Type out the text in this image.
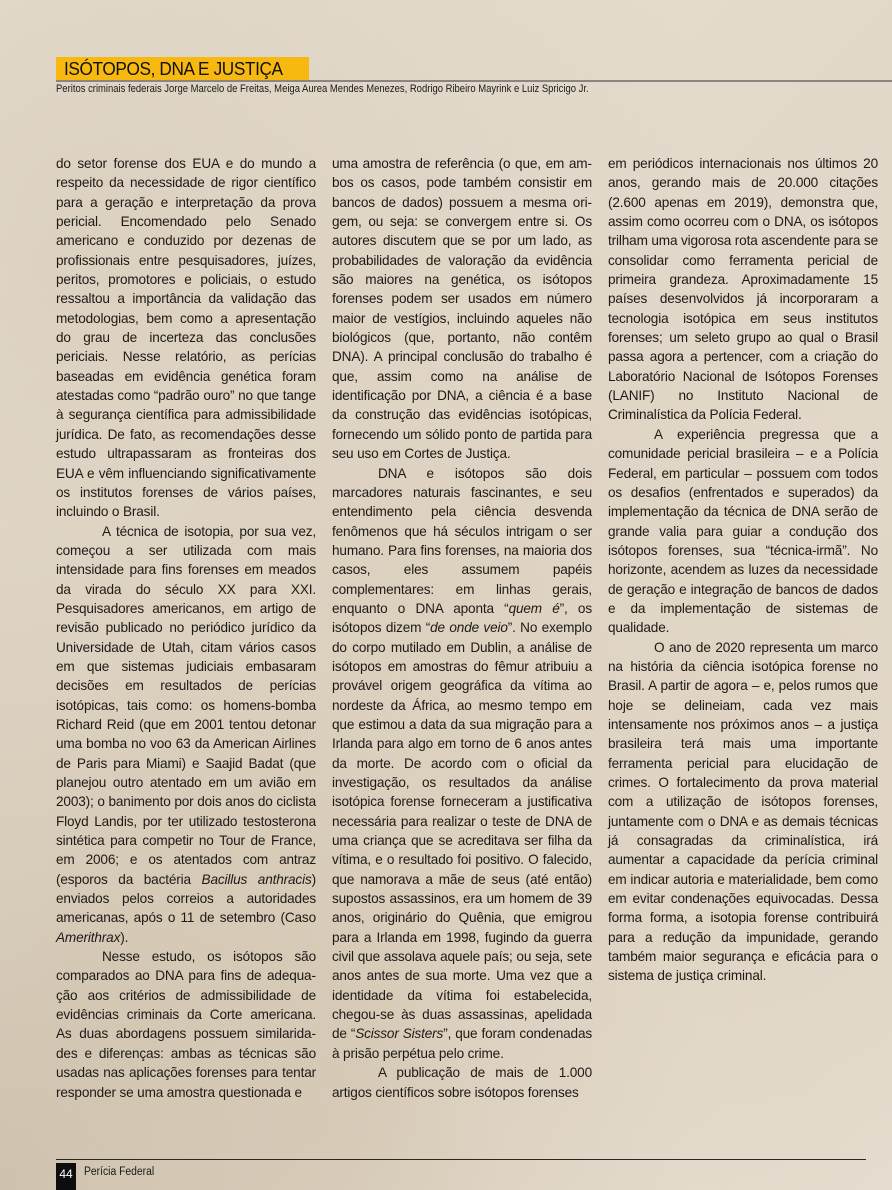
ISÓTOPOS, DNA E JUSTIÇA
Peritos criminais federais Jorge Marcelo de Freitas, Meiga Aurea Mendes Menezes, Rodrigo Ribeiro Mayrink e Luiz Spricigo Jr.

do setor forense dos EUA e do mundo a respeito da necessidade de rigor científico para a geração e interpretação da prova pericial. Encomendado pelo Senado americano e conduzido por dezenas de profissionais entre pesquisadores, juízes, peritos, promotores e policiais, o estudo ressaltou a importância da validação das metodologias, bem como a apresentação do grau de incerteza das conclusões periciais. Nesse relatório, as perícias baseadas em evidência genética foram atestadas como “padrão ouro” no que tange à segurança científica para admissibilidade jurídica. De fato, as recomendações desse estudo ultrapassaram as fronteiras dos EUA e vêm influenciando significativamente os institutos forenses de vários países, incluindo o Brasil.

A técnica de isotopia, por sua vez, começou a ser utilizada com mais intensidade para fins forenses em meados da virada do século XX para XXI. Pesquisadores americanos, em artigo de revisão publicado no periódico jurídico da Universidade de Utah, citam vários casos em que sistemas judiciais embasaram decisões em resultados de perícias isotópicas, tais como: os homens-bomba Richard Reid (que em 2001 tentou detonar uma bomba no voo 63 da American Airlines de Paris para Miami) e Saajid Badat (que planejou outro atentado em um avião em 2003); o banimento por dois anos do ciclista Floyd Landis, por ter utilizado testosterona sintética para competir no Tour de France, em 2006; e os atentados com antraz (esporos da bactéria Bacillus anthracis) enviados pelos correios a autoridades americanas, após o 11 de setembro (Caso Amerithrax).

Nesse estudo, os isótopos são comparados ao DNA para fins de adequação aos critérios de admissibilidade de evidências criminais da Corte americana. As duas abordagens possuem similaridades e diferenças: ambas as técnicas são usadas nas aplicações forenses para tentar responder se uma amostra questionada e

uma amostra de referência (o que, em ambos os casos, pode também consistir em bancos de dados) possuem a mesma origem, ou seja: se convergem entre si. Os autores discutem que se por um lado, as probabilidades de valoração da evidência são maiores na genética, os isótopos forenses podem ser usados em número maior de vestígios, incluindo aqueles não biológicos (que, portanto, não contêm DNA). A principal conclusão do trabalho é que, assim como na análise de identificação por DNA, a ciência é a base da construção das evidências isotópicas, fornecendo um sólido ponto de partida para seu uso em Cortes de Justiça.

DNA e isótopos são dois marcadores naturais fascinantes, e seu entendimento pela ciência desvenda fenômenos que há séculos intrigam o ser humano. Para fins forenses, na maioria dos casos, eles assumem papéis complementares: em linhas gerais, enquanto o DNA aponta “quem é”, os isótopos dizem “de onde veio”. No exemplo do corpo mutilado em Dublin, a análise de isótopos em amostras do fêmur atribuiu a provável origem geográfica da vítima ao nordeste da África, ao mesmo tempo em que estimou a data da sua migração para a Irlanda para algo em torno de 6 anos antes da morte. De acordo com o oficial da investigação, os resultados da análise isotópica forense forneceram a justificativa necessária para realizar o teste de DNA de uma criança que se acreditava ser filha da vítima, e o resultado foi positivo. O falecido, que namorava a mãe de seus (até então) supostos assassinos, era um homem de 39 anos, originário do Quênia, que emigrou para a Irlanda em 1998, fugindo da guerra civil que assolava aquele país; ou seja, sete anos antes de sua morte. Uma vez que a identidade da vítima foi estabelecida, chegou-se às duas assassinas, apelidada de “Scissor Sisters”, que foram condenadas à prisão perpétua pelo crime.

A publicação de mais de 1.000 artigos científicos sobre isótopos forenses

em periódicos internacionais nos últimos 20 anos, gerando mais de 20.000 citações (2.600 apenas em 2019), demonstra que, assim como ocorreu com o DNA, os isótopos trilham uma vigorosa rota ascendente para se consolidar como ferramenta pericial de primeira grandeza. Aproximadamente 15 países desenvolvidos já incorporaram a tecnologia isotópica em seus institutos forenses; um seleto grupo ao qual o Brasil passa agora a pertencer, com a criação do Laboratório Nacional de Isótopos Forenses (LANIF) no Instituto Nacional de Criminalística da Polícia Federal.

A experiência pregressa que a comunidade pericial brasileira – e a Polícia Federal, em particular – possuem com todos os desafios (enfrentados e superados) da implementação da técnica de DNA serão de grande valia para guiar a condução dos isótopos forenses, sua “técnica-irmã”. No horizonte, acendem as luzes da necessidade de geração e integração de bancos de dados e da implementação de sistemas de qualidade.

O ano de 2020 representa um marco na história da ciência isotópica forense no Brasil. A partir de agora – e, pelos rumos que hoje se delineiam, cada vez mais intensamente nos próximos anos – a justiça brasileira terá mais uma importante ferramenta pericial para elucidação de crimes. O fortalecimento da prova material com a utilização de isótopos forenses, juntamente com o DNA e as demais técnicas já consagradas da criminalística, irá aumentar a capacidade da perícia criminal em indicar autoria e materialidade, bem como em evitar condenações equivocadas. Dessa forma forma, a isotopia forense contribuirá para a redução da impunidade, gerando também maior segurança e eficácia para o sistema de justiça criminal.

44 Perícia Federal
